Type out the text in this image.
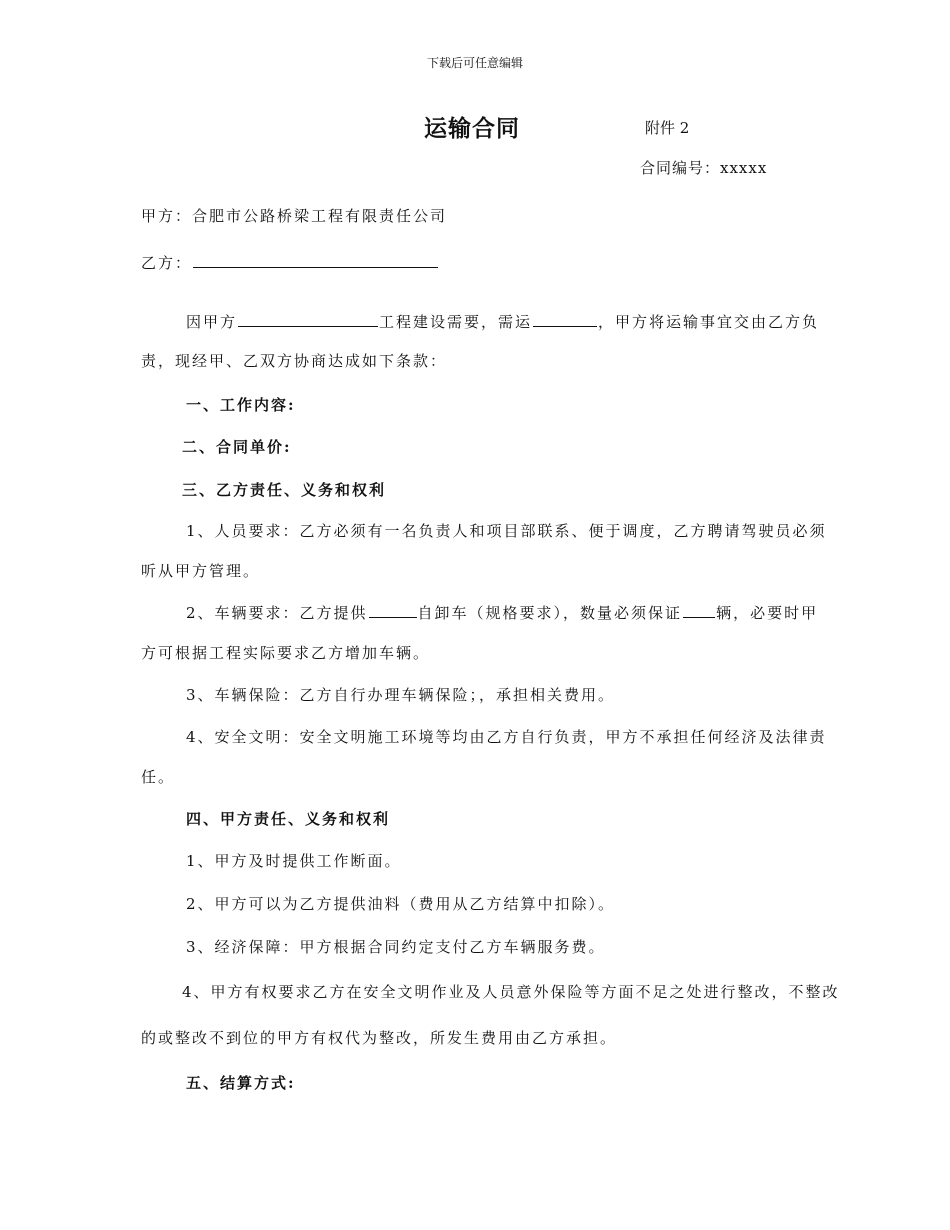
下载后可任意编辑
运输合同	附件 2
合同编号：xxxxx
甲方：合肥市公路桥梁工程有限责任公司
乙方：
因甲方	工程建设需要，需运	，甲方将运输事宜交由乙方负
责，现经甲、乙双方协商达成如下条款：
一、工作内容:
二、合同单价:
三、乙方责任、义务和权利
1、人员要求：乙方必须有一名负责人和项目部联系、便于调度，乙方聘请驾驶员必须
听从甲方管理。
2、车辆要求：乙方提供	自卸车（规格要求），数量必须保证 辆，必要时甲
方可根据工程实际要求乙方增加车辆。
3、车辆保险：乙方自行办理车辆保险；，承担相关费用。
4、安全文明：安全文明施工环境等均由乙方自行负责，甲方不承担任何经济及法律责
任。
四、甲方责任、义务和权利
1、甲方及时提供工作断面。
2、甲方可以为乙方提供油料（费用从乙方结算中扣除）。
3、经济保障：甲方根据合同约定支付乙方车辆服务费。
4、甲方有权要求乙方在安全文明作业及人员意外保险等方面不足之处进行整改，不整改
的或整改不到位的甲方有权代为整改，所发生费用由乙方承担。
五、结算方式:
